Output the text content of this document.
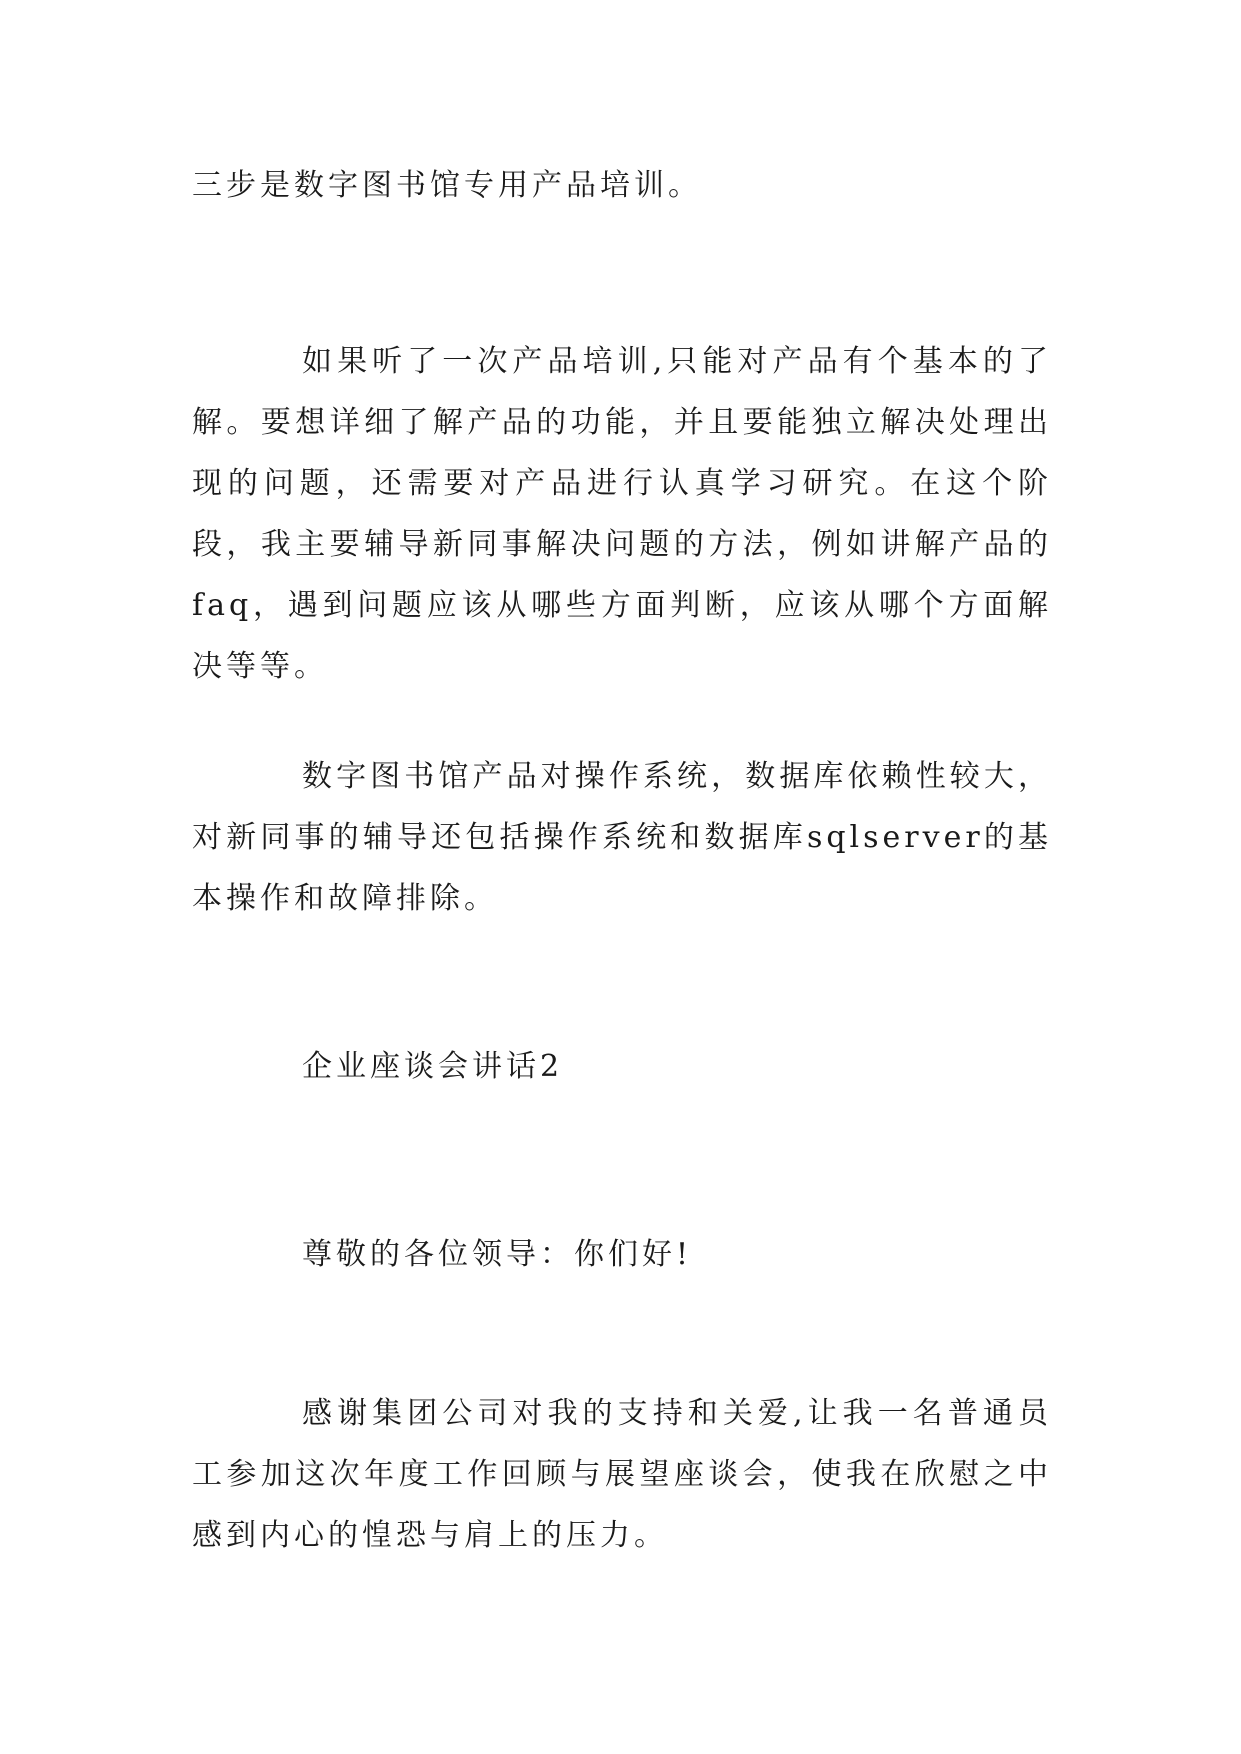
三步是数字图书馆专用产品培训。

如果听了一次产品培训,只能对产品有个基本的了解。要想详细了解产品的功能，并且要能独立解决处理出现的问题，还需要对产品进行认真学习研究。在这个阶段，我主要辅导新同事解决问题的方法，例如讲解产品的faq，遇到问题应该从哪些方面判断，应该从哪个方面解决等等。

数字图书馆产品对操作系统，数据库依赖性较大，对新同事的辅导还包括操作系统和数据库sqlserver的基本操作和故障排除。

企业座谈会讲话2

尊敬的各位领导：你们好!

感谢集团公司对我的支持和关爱,让我一名普通员工参加这次年度工作回顾与展望座谈会，使我在欣慰之中感到内心的惶恐与肩上的压力。
